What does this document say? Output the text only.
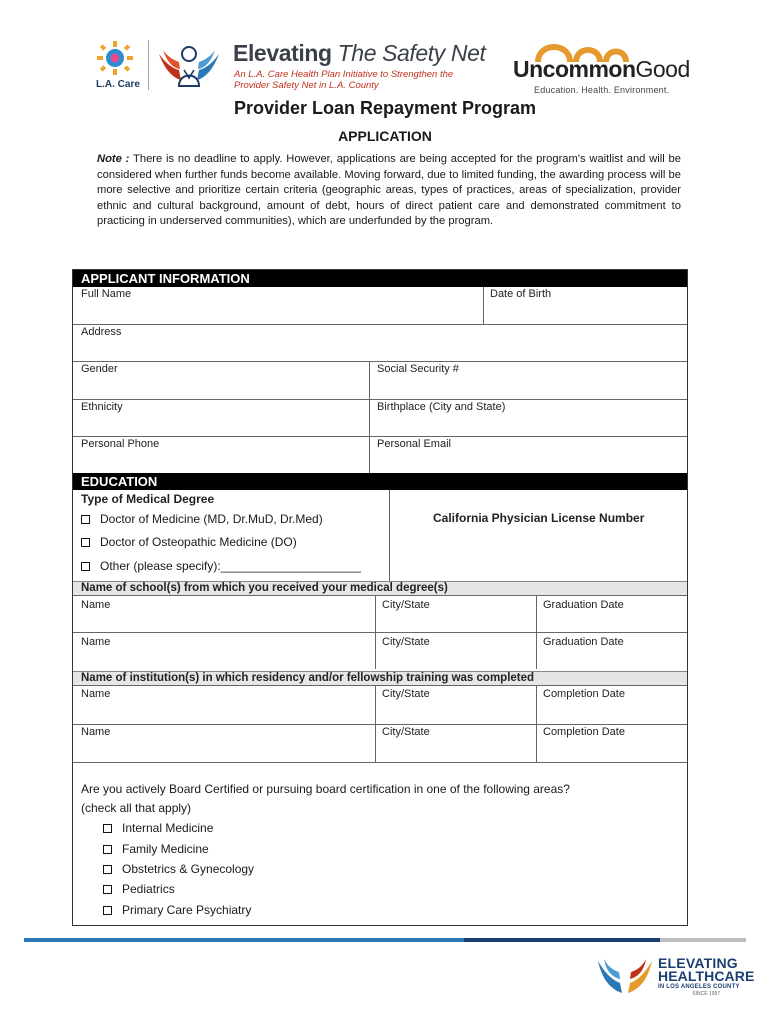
L.A. Care
Elevating The Safety Net
An L.A. Care Health Plan Initiative to Strengthen the Provider Safety Net in L.A. County
UncommonGood
Education. Health. Environment.
Provider Loan Repayment Program
APPLICATION
Note : There is no deadline to apply. However, applications are being accepted for the program's waitlist and will be considered when further funds become available. Moving forward, due to limited funding, the awarding process will be more selective and prioritize certain criteria (geographic areas, types of practices, areas of specialization, provider ethnic and cultural background, amount of debt, hours of direct patient care and demonstrated commitment to practicing in underserved communities), which are underfunded by the program.
APPLICANT INFORMATION
Full Name	Date of Birth
Address
Gender	Social Security #
Ethnicity	Birthplace (City and State)
Personal Phone	Personal Email
EDUCATION
Type of Medical Degree
California Physician License Number
Doctor of Medicine (MD, Dr.MuD, Dr.Med)
Doctor of Osteopathic Medicine (DO)
Other (please specify):_____________________
Name of school(s) from which you received your medical degree(s)
Name	City/State	Graduation Date
Name	City/State	Graduation Date
Name of institution(s) in which residency and/or fellowship training was completed
Name	City/State	Completion Date
Name	City/State	Completion Date
Are you actively Board Certified or pursuing board certification in one of the following areas?
(check all that apply)
Internal Medicine
Family Medicine
Obstetrics & Gynecology
Pediatrics
Primary Care Psychiatry
ELEVATING
HEALTHCARE
IN LOS ANGELES COUNTY
SINCE 1997
